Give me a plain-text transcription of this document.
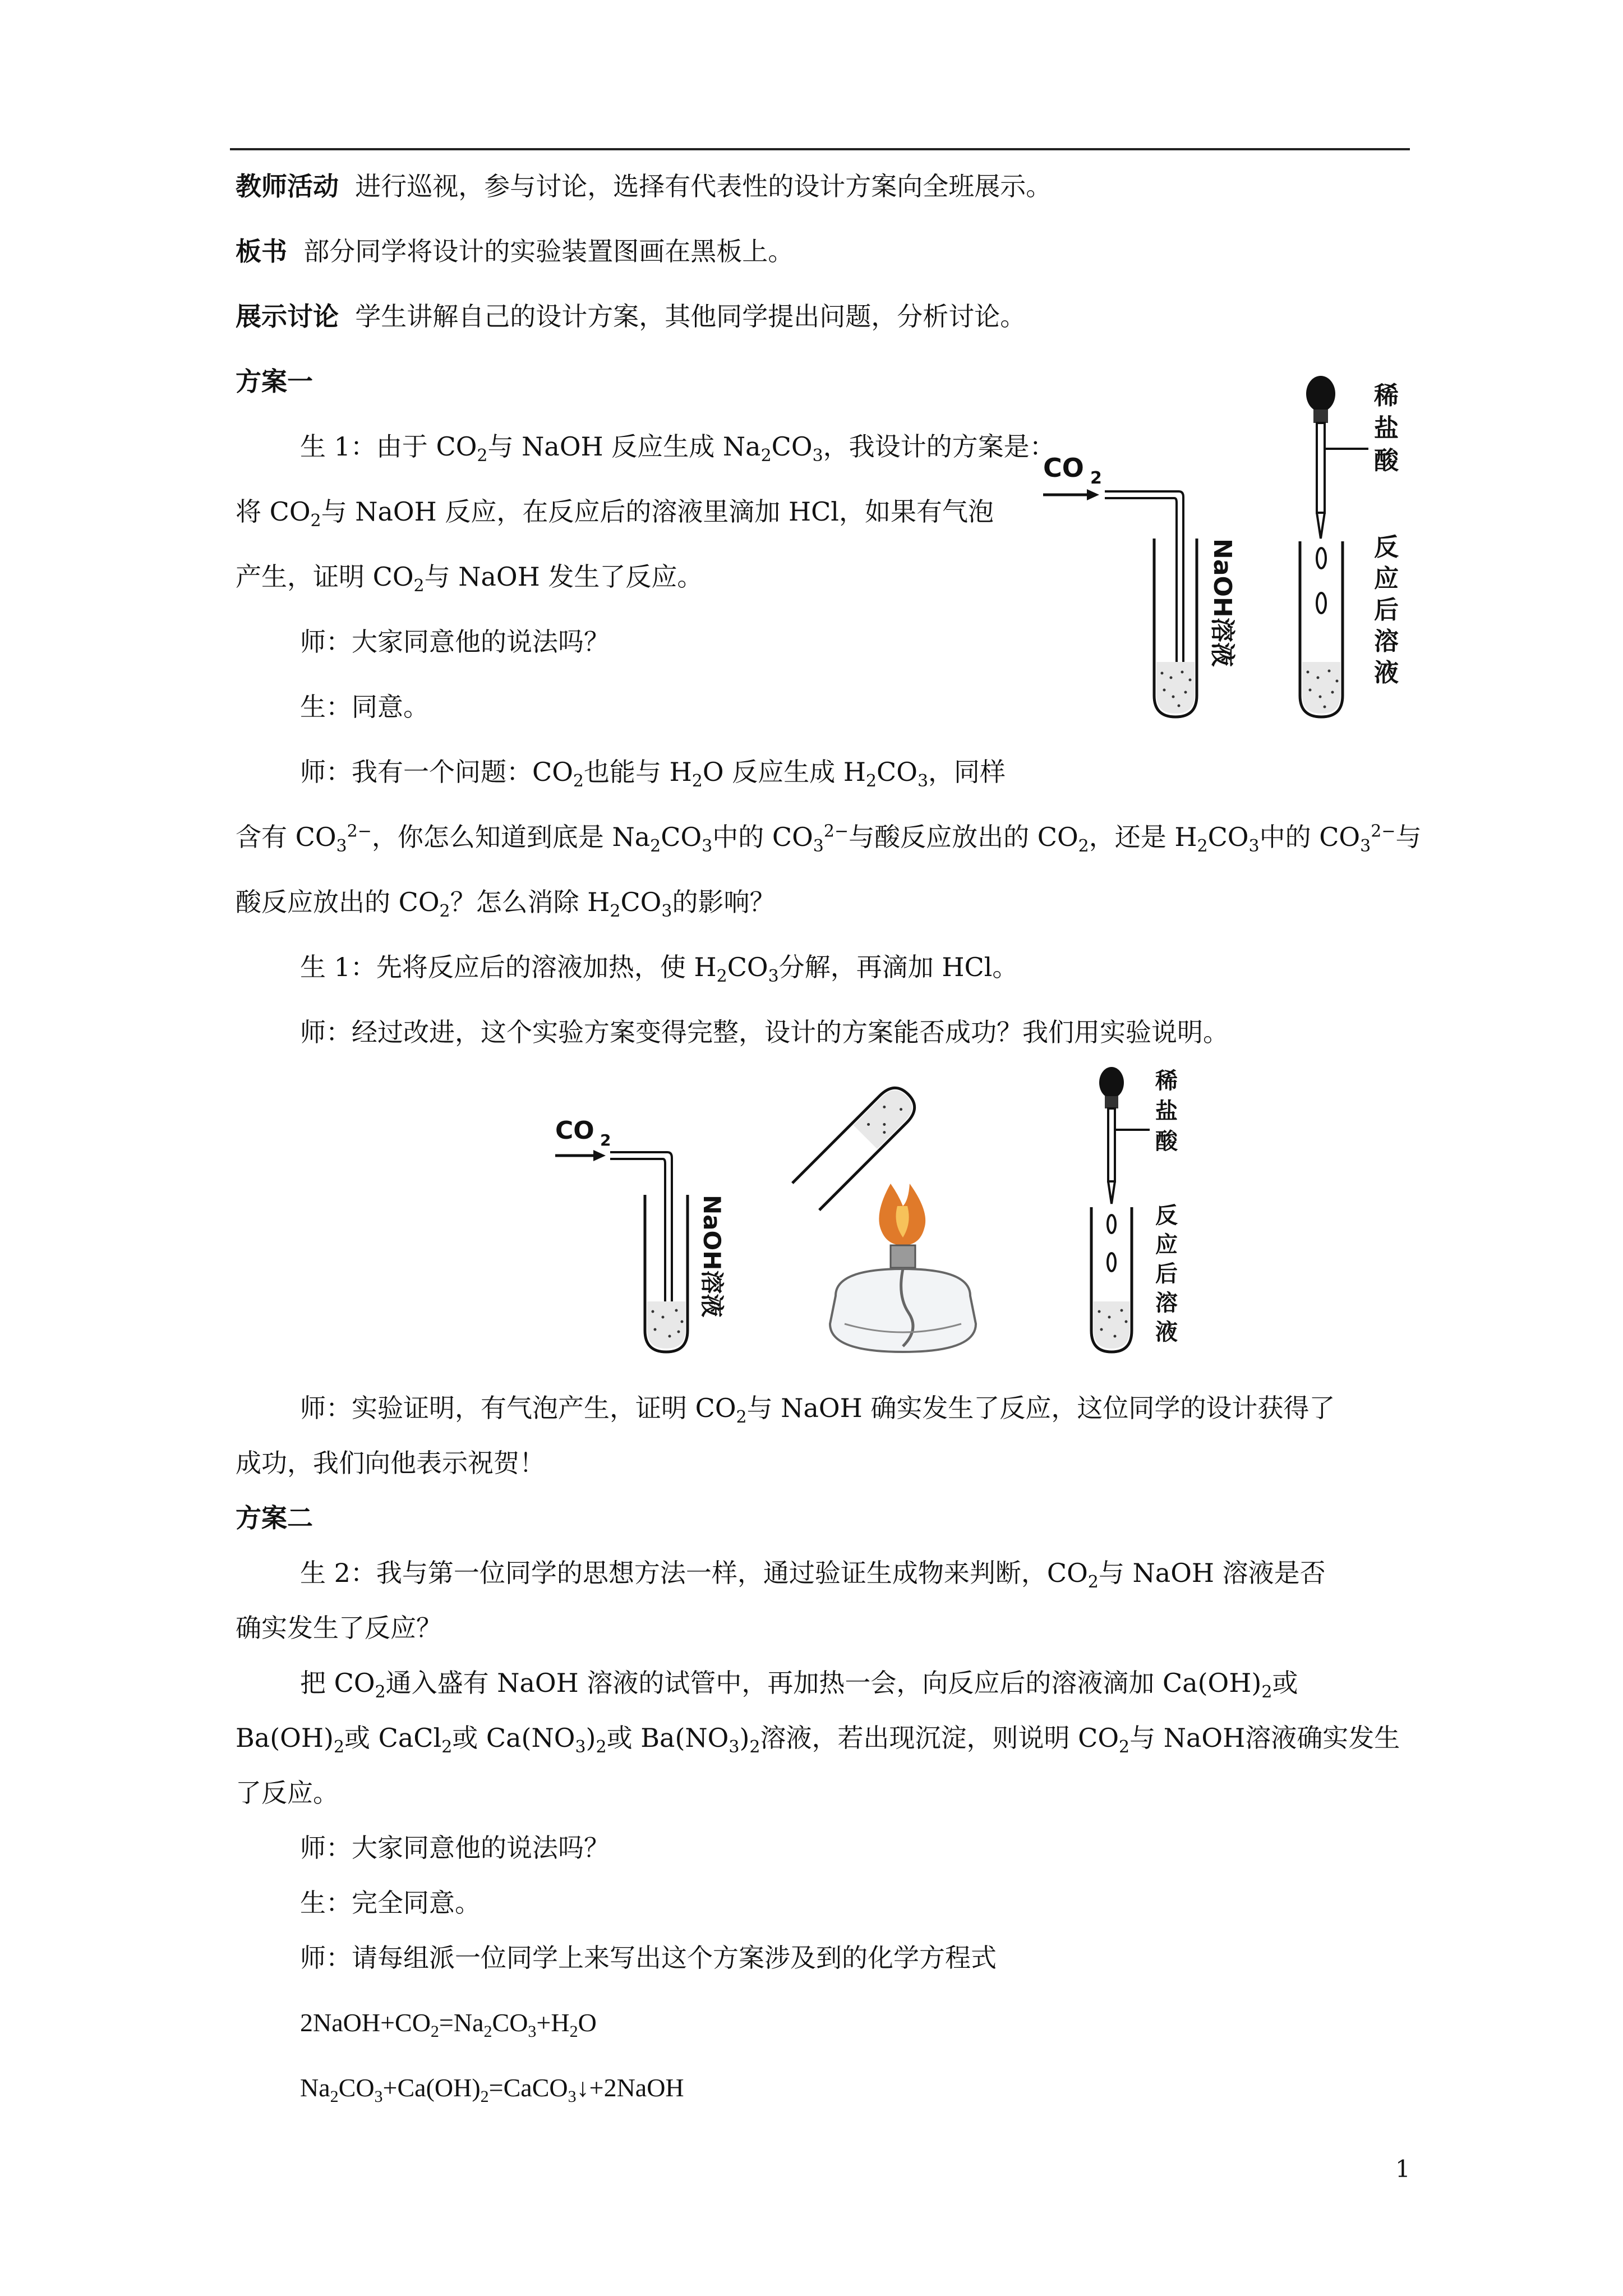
教师活动 进行巡视，参与讨论，选择有代表性的设计方案向全班展示。
板书 部分同学将设计的实验装置图画在黑板上。
展示讨论 学生讲解自己的设计方案，其他同学提出问题，分析讨论。
方案一
生 1：由于 $CO_2$与 NaOH 反应生成 $Na_2CO_3$，我设计的方案是：
将 $CO_2$与 NaOH 反应，在反应后的溶液里滴加 HCl，如果有气泡
产生，证明 $CO_2$与 NaOH 发生了反应。
师：大家同意他的说法吗？
生：同意。
师：我有一个问题：$CO_2$也能与 $H_2O$ 反应生成 $H_2CO_3$，同样
含有 $CO_3^{2-}$，你怎么知道到底是 $Na_2CO_3$中的 $CO_3^{2-}$与酸反应放出的 $CO_2$，还是 $H_2CO_3$中的 $CO_3^{2-}$与
酸反应放出的 $CO_2$？怎么消除 $H_2CO_3$的影响？
生 1：先将反应后的溶液加热，使 $H_2CO_3$分解，再滴加 HCl。
师：经过改进，这个实验方案变得完整，设计的方案能否成功？我们用实验说明。
师：实验证明，有气泡产生，证明 $CO_2$与 NaOH 确实发生了反应，这位同学的设计获得了
成功，我们向他表示祝贺！
方案二
生 2：我与第一位同学的思想方法一样，通过验证生成物来判断，$CO_2$与 NaOH 溶液是否
确实发生了反应？
把 $CO_2$通入盛有 NaOH 溶液的试管中，再加热一会，向反应后的溶液滴加 $Ca(OH)_2$或
$Ba(OH)_2$或 CaCl$_2$或 $Ca(NO_3)_2$或 $Ba(NO_3)_2$溶液，若出现沉淀，则说明 $CO_2$与 NaOH溶液确实发生
了反应。
师：大家同意他的说法吗？
生：完全同意。
师：请每组派一位同学上来写出这个方案涉及到的化学方程式
$2NaOH+CO_2=Na_2CO_3+H_2O$
$Na_2CO_3+Ca(OH)_2=CaCO_3↓+2NaOH$
1
CO 2
NaOH溶液
稀盐酸
反应后溶液
CO 2
NaOH溶液
稀盐酸
反应后溶液
